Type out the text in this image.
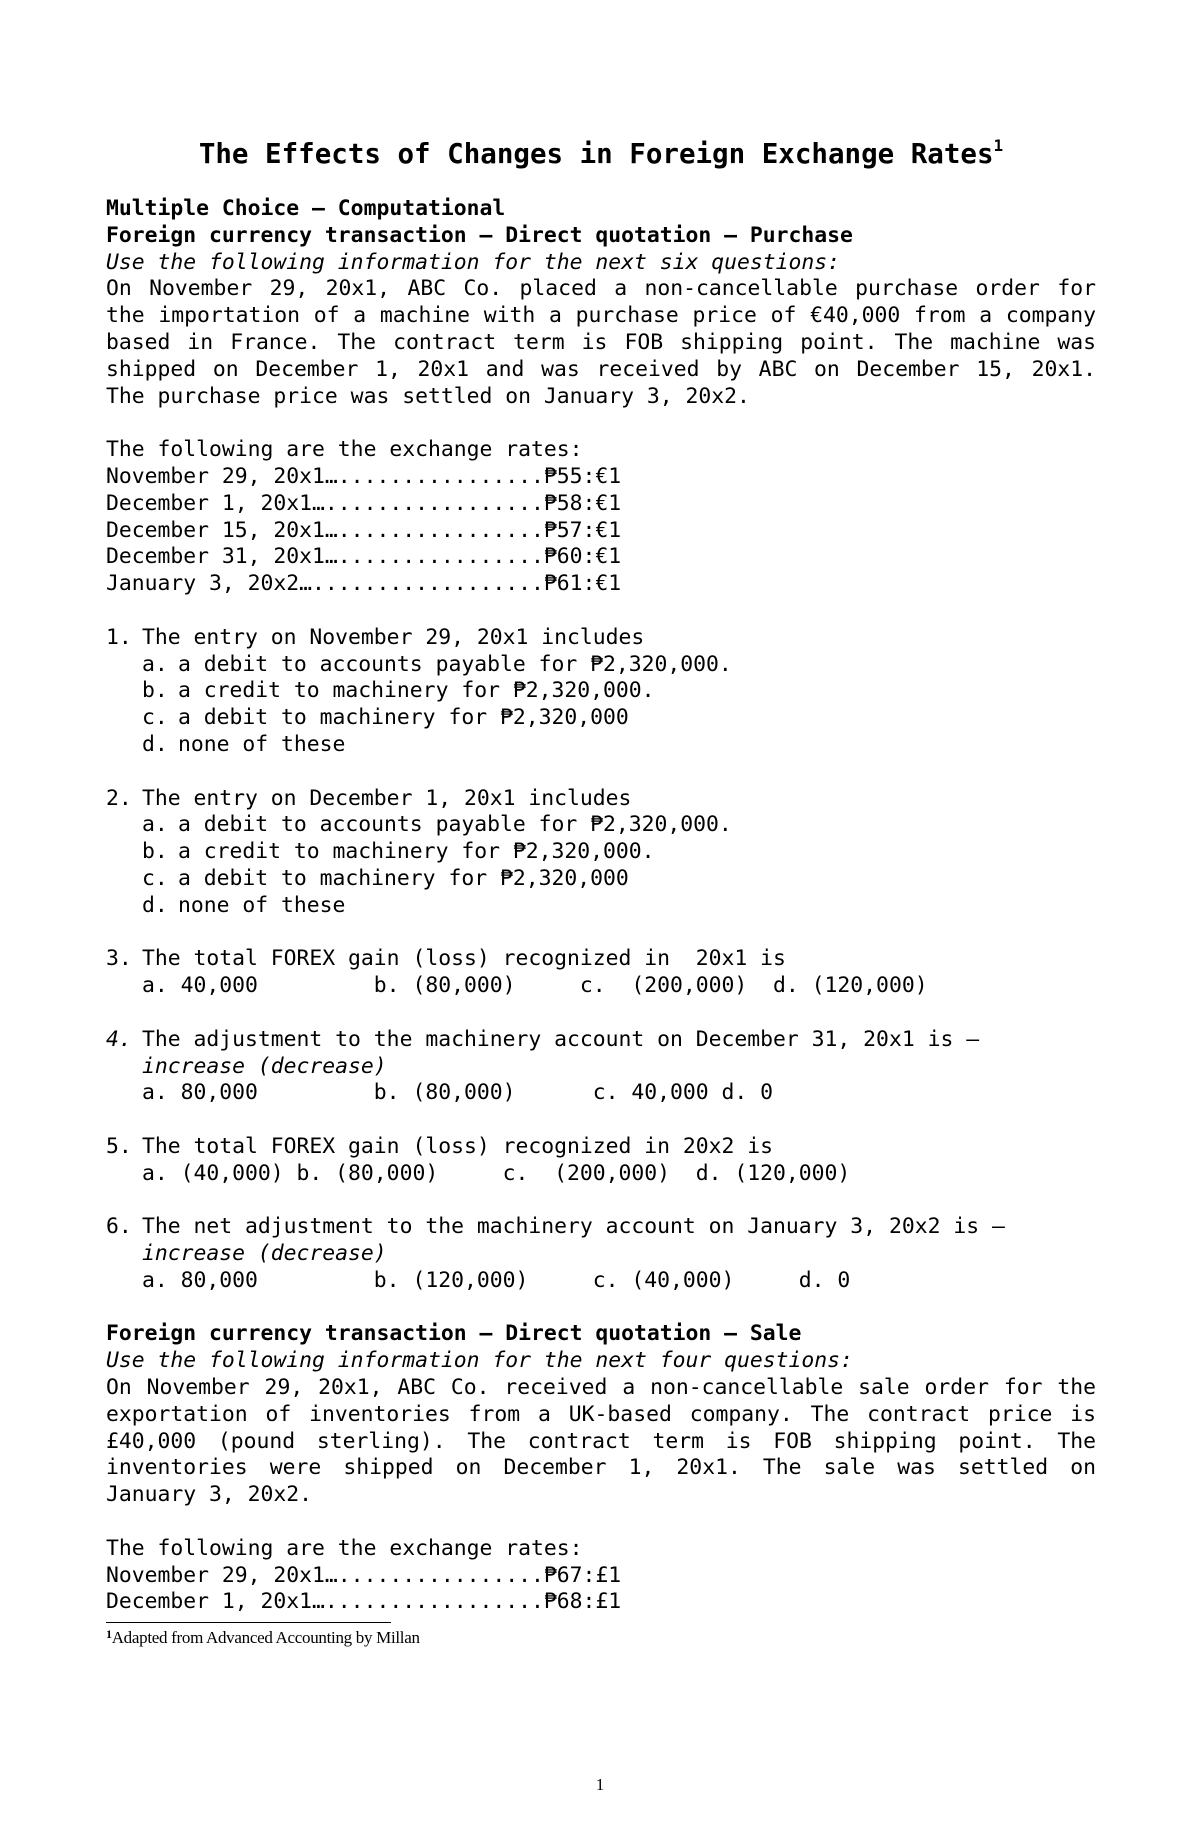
The Effects of Changes in Foreign Exchange Rates$^1$
Multiple Choice – Computational
Foreign currency transaction – Direct quotation – Purchase
Use the following information for the next six questions:
On November 29, 20x1, ABC Co. placed a non-cancellable purchase order for the importation of a machine with a purchase price of €40,000 from a company based in France. The contract term is FOB shipping point. The machine was shipped on December 1, 20x1 and was received by ABC on December 15, 20x1. The purchase price was settled on January 3, 20x2.
The following are the exchange rates:
November 29, 20x1…................₱55:€1
December 1, 20x1….................₱58:€1
December 15, 20x1…................₱57:€1
December 31, 20x1…................₱60:€1
January 3, 20x2…..................₱61:€1
1. The entry on November 29, 20x1 includes
a. a debit to accounts payable for ₱2,320,000.
b. a credit to machinery for ₱2,320,000.
c. a debit to machinery for ₱2,320,000
d. none of these
2. The entry on December 1, 20x1 includes
a. a debit to accounts payable for ₱2,320,000.
b. a credit to machinery for ₱2,320,000.
c. a debit to machinery for ₱2,320,000
d. none of these
3. The total FOREX gain (loss) recognized in  20x1 is
a. 40,000         b. (80,000)     c.  (200,000)  d. (120,000)
4. The adjustment to the machinery account on December 31, 20x1 is –
increase (decrease)
a. 80,000         b. (80,000)      c. 40,000 d. 0
5. The total FOREX gain (loss) recognized in 20x2 is
a. (40,000) b. (80,000)     c.  (200,000)  d. (120,000)
6. The net adjustment to the machinery account on January 3, 20x2 is –
increase (decrease)
a. 80,000         b. (120,000)     c. (40,000)     d. 0
Foreign currency transaction – Direct quotation – Sale
Use the following information for the next four questions:
On November 29, 20x1, ABC Co. received a non-cancellable sale order for the exportation of inventories from a UK-based company. The contract price is £40,000 (pound sterling). The contract term is FOB shipping point. The inventories were shipped on December 1, 20x1. The sale was settled on January 3, 20x2.
The following are the exchange rates:
November 29, 20x1…................₱67:£1
December 1, 20x1….................₱68:£1
$^1$Adapted from Advanced Accounting by Millan
1
